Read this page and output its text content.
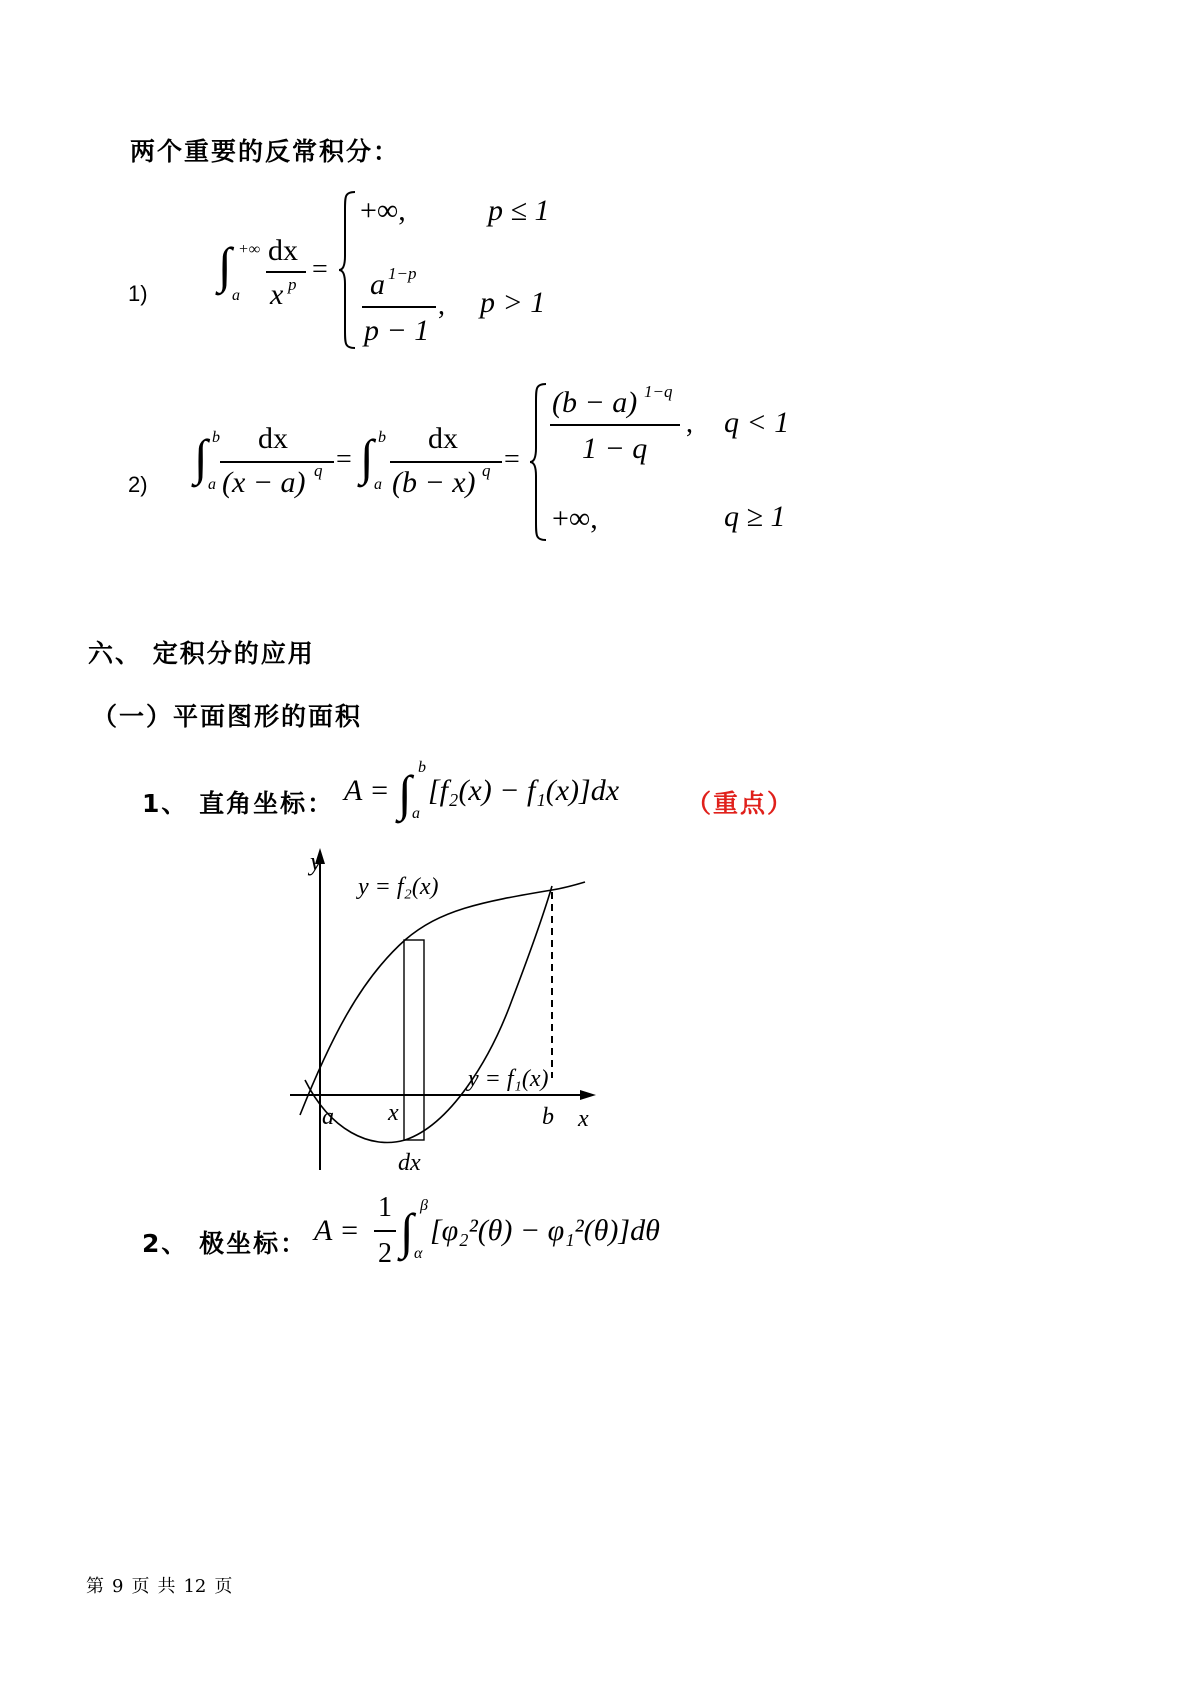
两个重要的反常积分：
1)
∫ +∞
a
dx
x p =
+∞,	p ≤ 1
a 1−p
p − 1
, p > 1
2) ∫ b
a
dx
(x − a) q = ∫ b
a
dx
(b − x) q =
(b − a) 1−q
1 − q
, q < 1
+∞,	q ≥ 1
六、 定积分的应用
（一）平面图形的面积
1、 直角坐标： A = ∫ b
a
[f₂(x) − f₁(x)]dx	（重点）
y
x
y = f₂(x)
y = f₁(x)
a x	b
dx
2、 极坐标： A =
1
2 ∫ β
α
[φ₂²(θ) − φ₁²(θ)]dθ
第 9 页 共 12 页
